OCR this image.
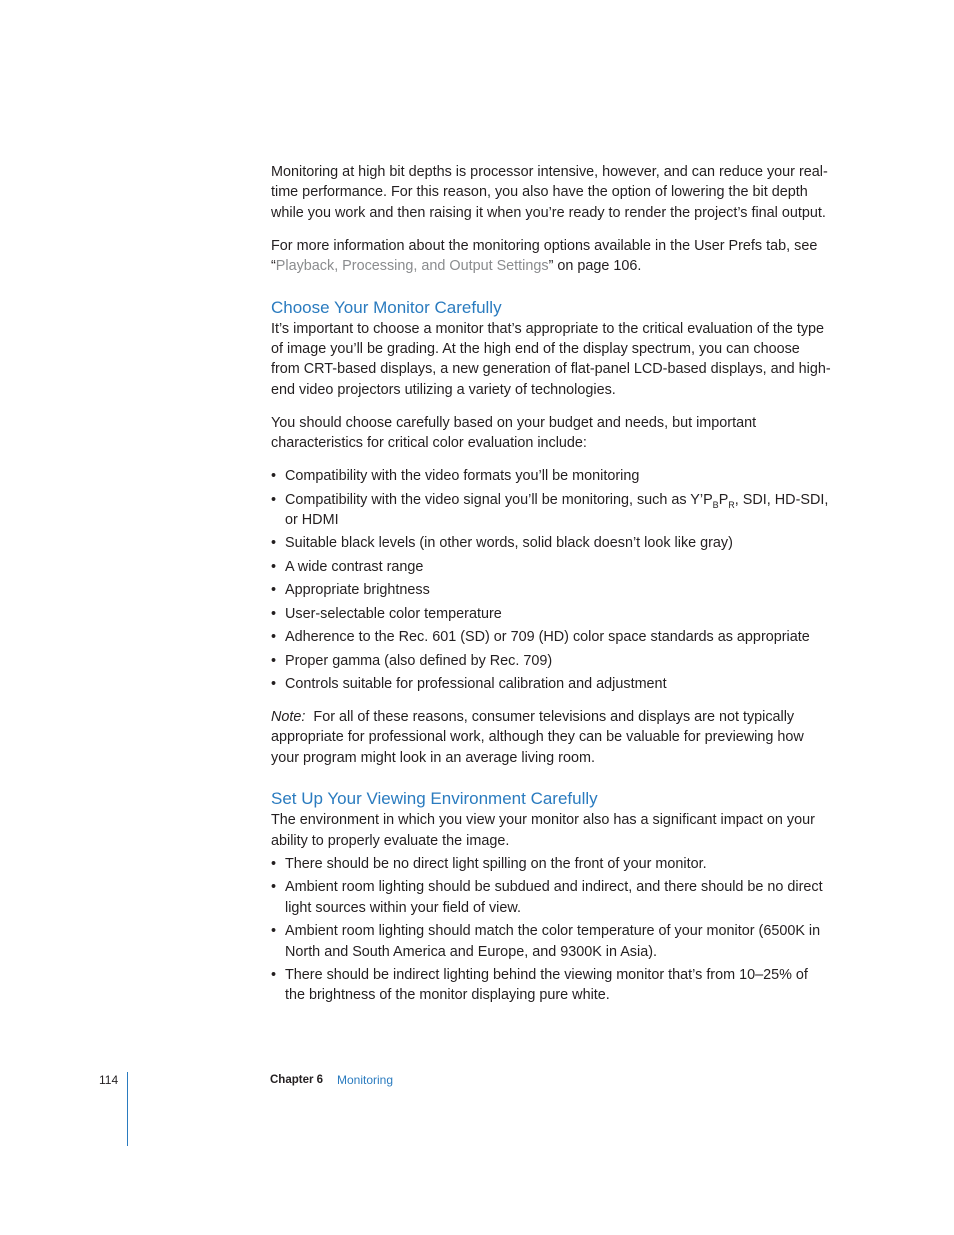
Monitoring at high bit depths is processor intensive, however, and can reduce your real-time performance. For this reason, you also have the option of lowering the bit depth while you work and then raising it when you’re ready to render the project’s final output.

For more information about the monitoring options available in the User Prefs tab, see “Playback, Processing, and Output Settings” on page 106.

Choose Your Monitor Carefully

It’s important to choose a monitor that’s appropriate to the critical evaluation of the type of image you’ll be grading. At the high end of the display spectrum, you can choose from CRT-based displays, a new generation of flat-panel LCD-based displays, and high-end video projectors utilizing a variety of technologies.

You should choose carefully based on your budget and needs, but important characteristics for critical color evaluation include:

• Compatibility with the video formats you’ll be monitoring
• Compatibility with the video signal you’ll be monitoring, such as $Y’P_BP_R$, SDI, HD-SDI, or HDMI
• Suitable black levels (in other words, solid black doesn’t look like gray)
• A wide contrast range
• Appropriate brightness
• User-selectable color temperature
• Adherence to the Rec. 601 (SD) or 709 (HD) color space standards as appropriate
• Proper gamma (also defined by Rec. 709)
• Controls suitable for professional calibration and adjustment

Note: For all of these reasons, consumer televisions and displays are not typically appropriate for professional work, although they can be valuable for previewing how your program might look in an average living room.

Set Up Your Viewing Environment Carefully

The environment in which you view your monitor also has a significant impact on your ability to properly evaluate the image.

• There should be no direct light spilling on the front of your monitor.
• Ambient room lighting should be subdued and indirect, and there should be no direct light sources within your field of view.
• Ambient room lighting should match the color temperature of your monitor (6500K in North and South America and Europe, and 9300K in Asia).
• There should be indirect lighting behind the viewing monitor that’s from 10–25% of the brightness of the monitor displaying pure white.
114	Chapter 6 Monitoring
